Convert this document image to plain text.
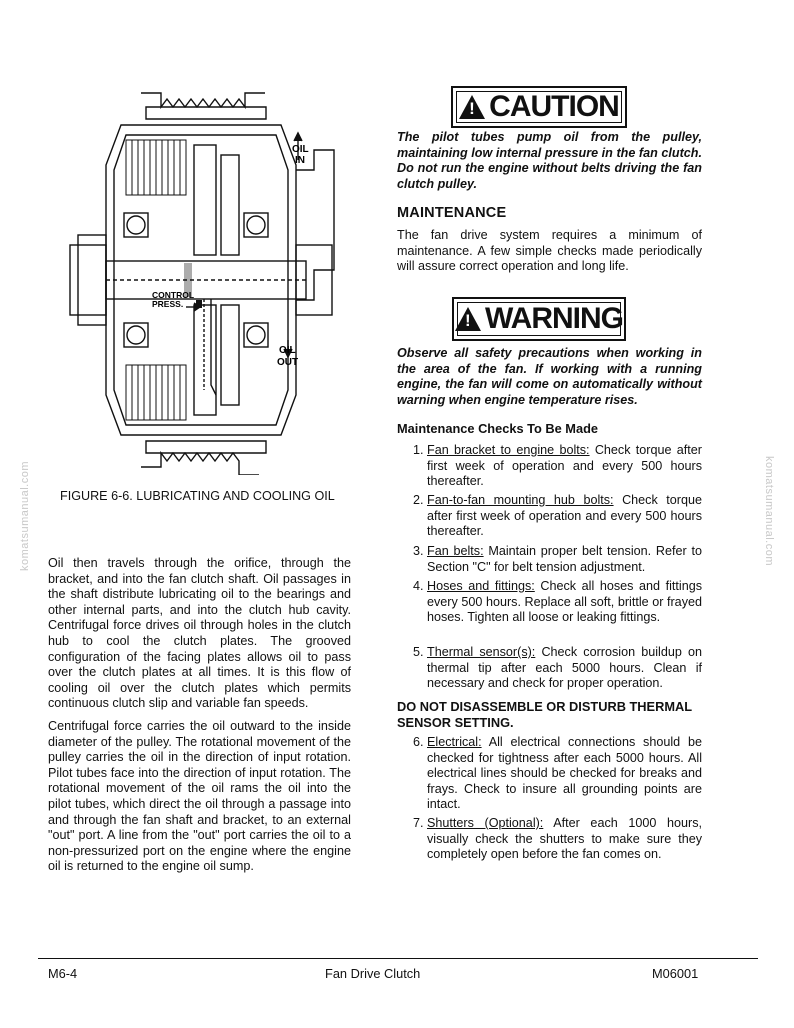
OIL
IN
CONTROL
PRESS.
OIL
OUT
FIGURE 6-6. LUBRICATING AND COOLING OIL

Oil then travels through the orifice, through the bracket, and into the fan clutch shaft. Oil passages in the shaft distribute lubricating oil to the bearings and other internal parts, and into the clutch hub cavity. Centrifugal force drives oil through holes in the clutch hub to cool the clutch plates. The grooved configuration of the facing plates allows oil to pass over the clutch plates at all times. It is this flow of cooling oil over the clutch plates which permits continuous clutch slip and variable fan speeds.

Centrifugal force carries the oil outward to the inside diameter of the pulley. The rotational movement of the pulley carries the oil in the direction of input rotation. Pilot tubes face into the direction of input rotation. The rotational movement of the oil rams the oil into the pilot tubes, which direct the oil through a passage into and through the fan shaft and bracket, to an external "out" port. A line from the "out" port carries the oil to a non-pressurized port on the engine where the engine oil is returned to the engine oil sump.

!
CAUTION

The pilot tubes pump oil from the pulley, maintaining low internal pressure in the fan clutch. Do not run the engine without belts driving the fan clutch pulley.

MAINTENANCE

The fan drive system requires a minimum of maintenance. A few simple checks made periodically will assure correct operation and long life.

!
WARNING

Observe all safety precautions when working in the area of the fan. If working with a running engine, the fan will come on automatically without warning when engine temperature rises.

Maintenance Checks To Be Made
1. Fan bracket to engine bolts: Check torque after first week of operation and every 500 hours thereafter.
2. Fan-to-fan mounting hub bolts: Check torque after first week of operation and every 500 hours thereafter.
3. Fan belts: Maintain proper belt tension. Refer to Section "C" for belt tension adjustment.
4. Hoses and fittings: Check all hoses and fittings every 500 hours. Replace all soft, brittle or frayed hoses. Tighten all loose or leaking fittings.
5. Thermal sensor(s): Check corrosion buildup on thermal tip after each 5000 hours. Clean if necessary and check for proper operation.
DO NOT DISASSEMBLE OR DISTURB THERMAL SENSOR SETTING.
6. Electrical: All electrical connections should be checked for tightness after each 5000 hours. All electrical lines should be checked for breaks and frays. Check to insure all grounding points are intact.
7. Shutters (Optional): After each 1000 hours, visually check the shutters to make sure they completely open before the fan comes on.
komatsumanual.com	komatsumanual.com
M6-4	Fan Drive Clutch	M06001
